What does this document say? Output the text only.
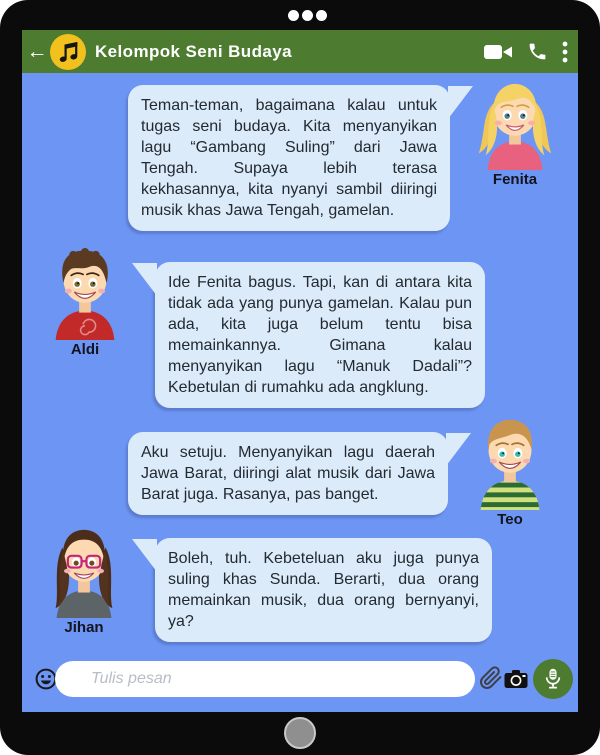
←	Kelompok Seni Budaya
Teman-teman, bagaimana kalau untuk tugas seni budaya. Kita menyanyikan lagu “Gambang Suling” dari Jawa Tengah. Supaya lebih terasa kekhasannya, kita nyanyi sambil diiringi musik khas Jawa Tengah, gamelan.
Fenita
Aldi
Ide Fenita bagus. Tapi, kan di antara kita tidak ada yang punya gamelan. Kalau pun ada, kita juga belum tentu bisa memainkannya. Gimana kalau menyanyikan lagu “Manuk Dadali”? Kebetulan di rumahku ada angklung.
Aku setuju. Menyanyikan lagu daerah Jawa Barat, diiringi alat musik dari Jawa Barat juga. Rasanya, pas banget.
Teo
Jihan
Boleh, tuh. Kebeteluan aku juga punya suling khas Sunda. Berarti, dua orang memainkan musik, dua orang bernyanyi, ya?
Tulis pesan
